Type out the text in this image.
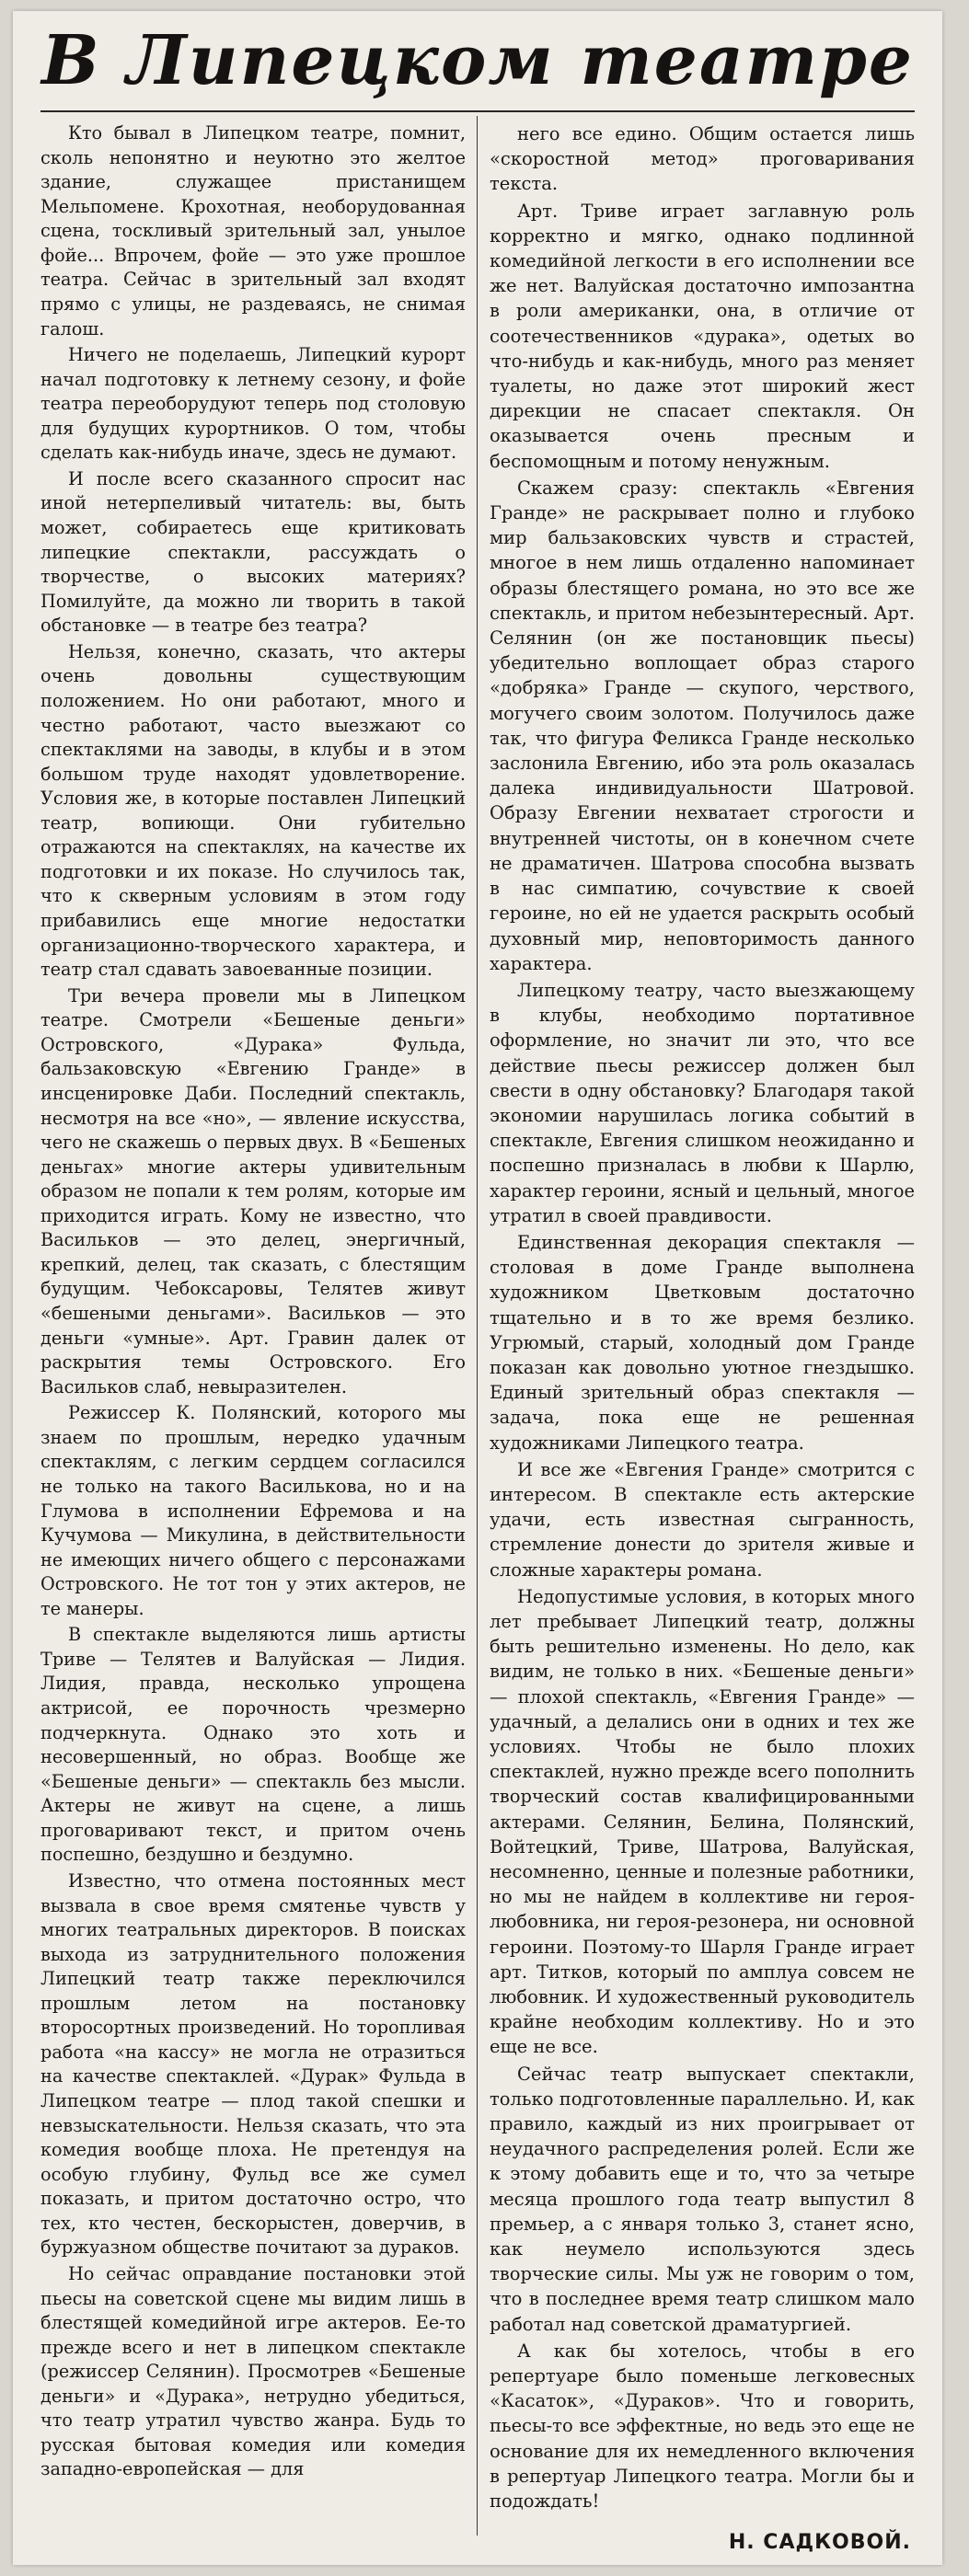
В Липецком театре

Кто бывал в Липецком театре, помнит, сколь непонятно и неуютно это желтое здание, служащее пристанищем Мельпомене. Крохотная, необорудованная сцена, тоскливый зрительный зал, унылое фойе... Впрочем, фойе — это уже прошлое театра. Сейчас в зрительный зал входят прямо с улицы, не раздеваясь, не снимая галош.

Ничего не поделаешь, Липецкий курорт начал подготовку к летнему сезону, и фойе театра переоборудуют теперь под столовую для будущих курортников. О том, чтобы сделать как-нибудь иначе, здесь не думают.

И после всего сказанного спросит нас иной нетерпеливый читатель: вы, быть может, собираетесь еще критиковать липецкие спектакли, рассуждать о творчестве, о высоких материях? Помилуйте, да можно ли творить в такой обстановке — в театре без театра?

Нельзя, конечно, сказать, что актеры очень довольны существующим положением. Но они работают, много и честно работают, часто выезжают со спектаклями на заводы, в клубы и в этом большом труде находят удовлетворение. Условия же, в которые поставлен Липецкий театр, вопиющи. Они губительно отражаются на спектаклях, на качестве их подготовки и их показе. Но случилось так, что к скверным условиям в этом году прибавились еще многие недостатки организационно-творческого характера, и театр стал сдавать завоеванные позиции.

Три вечера провели мы в Липецком театре. Смотрели «Бешеные деньги» Островского, «Дурака» Фульда, бальзаковскую «Евгению Гранде» в инсценировке Даби. Последний спектакль, несмотря на все «но», — явление искусства, чего не скажешь о первых двух. В «Бешеных деньгах» многие актеры удивительным образом не попали к тем ролям, которые им приходится играть. Кому не известно, что Васильков — это делец, энергичный, крепкий, делец, так сказать, с блестящим будущим. Чебоксаровы, Телятев живут «бешеными деньгами». Васильков — это деньги «умные». Арт. Гравин далек от раскрытия темы Островского. Его Васильков слаб, невыразителен.

Режиссер К. Полянский, которого мы знаем по прошлым, нередко удачным спектаклям, с легким сердцем согласился не только на такого Василькова, но и на Глумова в исполнении Ефремова и на Кучумова — Микулина, в действительности не имеющих ничего общего с персонажами Островского. Не тот тон у этих актеров, не те манеры.

В спектакле выделяются лишь артисты Триве — Телятев и Валуйская — Лидия. Лидия, правда, несколько упрощена актрисой, ее порочность чрезмерно подчеркнута. Однако это хоть и несовершенный, но образ. Вообще же «Бешеные деньги» — спектакль без мысли. Актеры не живут на сцене, а лишь проговаривают текст, и притом очень поспешно, бездушно и бездумно.

Известно, что отмена постоянных мест вызвала в свое время смятенье чувств у многих театральных директоров. В поисках выхода из затруднительного положения Липецкий театр также переключился прошлым летом на постановку второсортных произведений. Но торопливая работа «на кассу» не могла не отразиться на качестве спектаклей. «Дурак» Фульда в Липецком театре — плод такой спешки и невзыскательности. Нельзя сказать, что эта комедия вообще плоха. Не претендуя на особую глубину, Фульд все же сумел показать, и притом достаточно остро, что тех, кто честен, бескорыстен, доверчив, в буржуазном обществе почитают за дураков.

Но сейчас оправдание постановки этой пьесы на советской сцене мы видим лишь в блестящей комедийной игре актеров. Ее-то прежде всего и нет в липецком спектакле (режиссер Селянин). Просмотрев «Бешеные деньги» и «Дурака», нетрудно убедиться, что театр утратил чувство жанра. Будь то русская бытовая комедия или комедия западно-европейская — для

него все едино. Общим остается лишь «скоростной метод» проговаривания текста.

Арт. Триве играет заглавную роль корректно и мягко, однако подлинной комедийной легкости в его исполнении все же нет. Валуйская достаточно импозантна в роли американки, она, в отличие от соотечественников «дурака», одетых во что-нибудь и как-нибудь, много раз меняет туалеты, но даже этот широкий жест дирекции не спасает спектакля. Он оказывается очень пресным и беспомощным и потому ненужным.

Скажем сразу: спектакль «Евгения Гранде» не раскрывает полно и глубоко мир бальзаковских чувств и страстей, многое в нем лишь отдаленно напоминает образы блестящего романа, но это все же спектакль, и притом небезынтересный. Арт. Селянин (он же постановщик пьесы) убедительно воплощает образ старого «добряка» Гранде — скупого, черствого, могучего своим золотом. Получилось даже так, что фигура Феликса Гранде несколько заслонила Евгению, ибо эта роль оказалась далека индивидуальности Шатровой. Образу Евгении нехватает строгости и внутренней чистоты, он в конечном счете не драматичен. Шатрова способна вызвать в нас симпатию, сочувствие к своей героине, но ей не удается раскрыть особый духовный мир, неповторимость данного характера.

Липецкому театру, часто выезжающему в клубы, необходимо портативное оформление, но значит ли это, что все действие пьесы режиссер должен был свести в одну обстановку? Благодаря такой экономии нарушилась логика событий в спектакле, Евгения слишком неожиданно и поспешно призналась в любви к Шарлю, характер героини, ясный и цельный, многое утратил в своей правдивости.

Единственная декорация спектакля — столовая в доме Гранде выполнена художником Цветковым достаточно тщательно и в то же время безлико. Угрюмый, старый, холодный дом Гранде показан как довольно уютное гнездышко. Единый зрительный образ спектакля — задача, пока еще не решенная художниками Липецкого театра.

И все же «Евгения Гранде» смотрится с интересом. В спектакле есть актерские удачи, есть известная сыгранность, стремление донести до зрителя живые и сложные характеры романа.

Недопустимые условия, в которых много лет пребывает Липецкий театр, должны быть решительно изменены. Но дело, как видим, не только в них. «Бешеные деньги» — плохой спектакль, «Евгения Гранде» — удачный, а делались они в одних и тех же условиях. Чтобы не было плохих спектаклей, нужно прежде всего пополнить творческий состав квалифицированными актерами. Селянин, Белина, Полянский, Войтецкий, Триве, Шатрова, Валуйская, несомненно, ценные и полезные работники, но мы не найдем в коллективе ни героя-любовника, ни героя-резонера, ни основной героини. Поэтому-то Шарля Гранде играет арт. Титков, который по амплуа совсем не любовник. И художественный руководитель крайне необходим коллективу. Но и это еще не все.

Сейчас театр выпускает спектакли, только подготовленные параллельно. И, как правило, каждый из них проигрывает от неудачного распределения ролей. Если же к этому добавить еще и то, что за четыре месяца прошлого года театр выпустил 8 премьер, а с января только 3, станет ясно, как неумело используются здесь творческие силы. Мы уж не говорим о том, что в последнее время театр слишком мало работал над советской драматургией.

А как бы хотелось, чтобы в его репертуаре было поменьше легковесных «Касаток», «Дураков». Что и говорить, пьесы-то все эффектные, но ведь это еще не основание для их немедленного включения в репертуар Липецкого театра. Могли бы и подождать!

Н. САДКОВОЙ.
